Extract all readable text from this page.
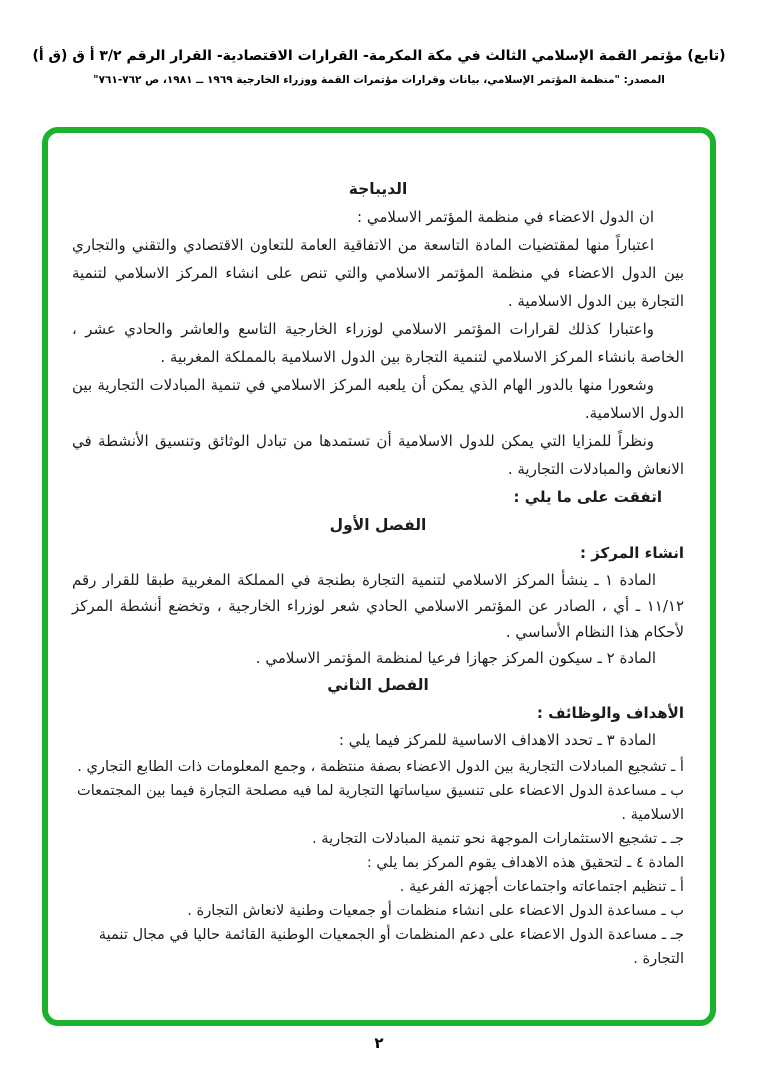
(تابع) مؤتمر القمة الإسلامي الثالث في مكة المكرمة- القرارات الاقتصادية- القرار الرقم ٣/٢ أ ق (ق أ)
المصدر: "منظمة المؤتمر الإسلامي، بيانات وقرارات مؤتمرات القمة ووزراء الخارجية ١٩٦٩ ــ ١٩٨١، ص ٧٦٢-٧٦١"

الديباجة

ان الدول الاعضاء في منظمة المؤتمر الاسلامي :

اعتباراً منها لمقتضيات المادة التاسعة من الاتفاقية العامة للتعاون الاقتصادي والتقني والتجاري بين الدول الاعضاء في منظمة المؤتمر الاسلامي والتي تنص على انشاء المركز الاسلامي لتنمية التجارة بين الدول الاسلامية .

واعتبارا كذلك لقرارات المؤتمر الاسلامي لوزراء الخارجية التاسع والعاشر والحادي عشر ، الخاصة بانشاء المركز الاسلامي لتنمية التجارة بين الدول الاسلامية بالمملكة المغربية .

وشعورا منها بالدور الهام الذي يمكن أن يلعبه المركز الاسلامي في تنمية المبادلات التجارية بين الدول الاسلامية.

ونظراً للمزايا التي يمكن للدول الاسلامية أن تستمدها من تبادل الوثائق وتنسيق الأنشطة في الانعاش والمبادلات التجارية .

اتفقت على ما يلي :

الفصل الأول

انشاء المركز :

المادة ١ ـ ينشأ المركز الاسلامي لتنمية التجارة بطنجة في المملكة المغربية طبقا للقرار رقم ١١/١٢ ـ أي ، الصادر عن المؤتمر الاسلامي الحادي شعر لوزراء الخارجية ، وتخضع أنشطة المركز لأحكام هذا النظام الأساسي .

المادة ٢ ـ سيكون المركز جهازا فرعيا لمنظمة المؤتمر الاسلامي .

الفصل الثاني

الأهداف والوظائف :

المادة ٣ ـ تحدد الاهداف الاساسية للمركز فيما يلي :

أ ـ تشجيع المبادلات التجارية بين الدول الاعضاء بصفة منتظمة ، وجمع المعلومات ذات الطابع التجاري .

ب ـ مساعدة الدول الاعضاء على تنسيق سياساتها التجارية لما فيه مصلحة التجارة فيما بين المجتمعات الاسلامية .

جـ ـ تشجيع الاستثمارات الموجهة نحو تنمية المبادلات التجارية .

المادة ٤ ـ لتحقيق هذه الاهداف يقوم المركز بما يلي :

أ ـ تنظيم اجتماعاته واجتماعات أجهزته الفرعية .

ب ـ مساعدة الدول الاعضاء على انشاء منظمات أو جمعيات وطنية لانعاش التجارة .

جـ ـ مساعدة الدول الاعضاء على دعم المنظمات أو الجمعيات الوطنية القائمة حاليا في مجال تنمية التجارة .

٢
